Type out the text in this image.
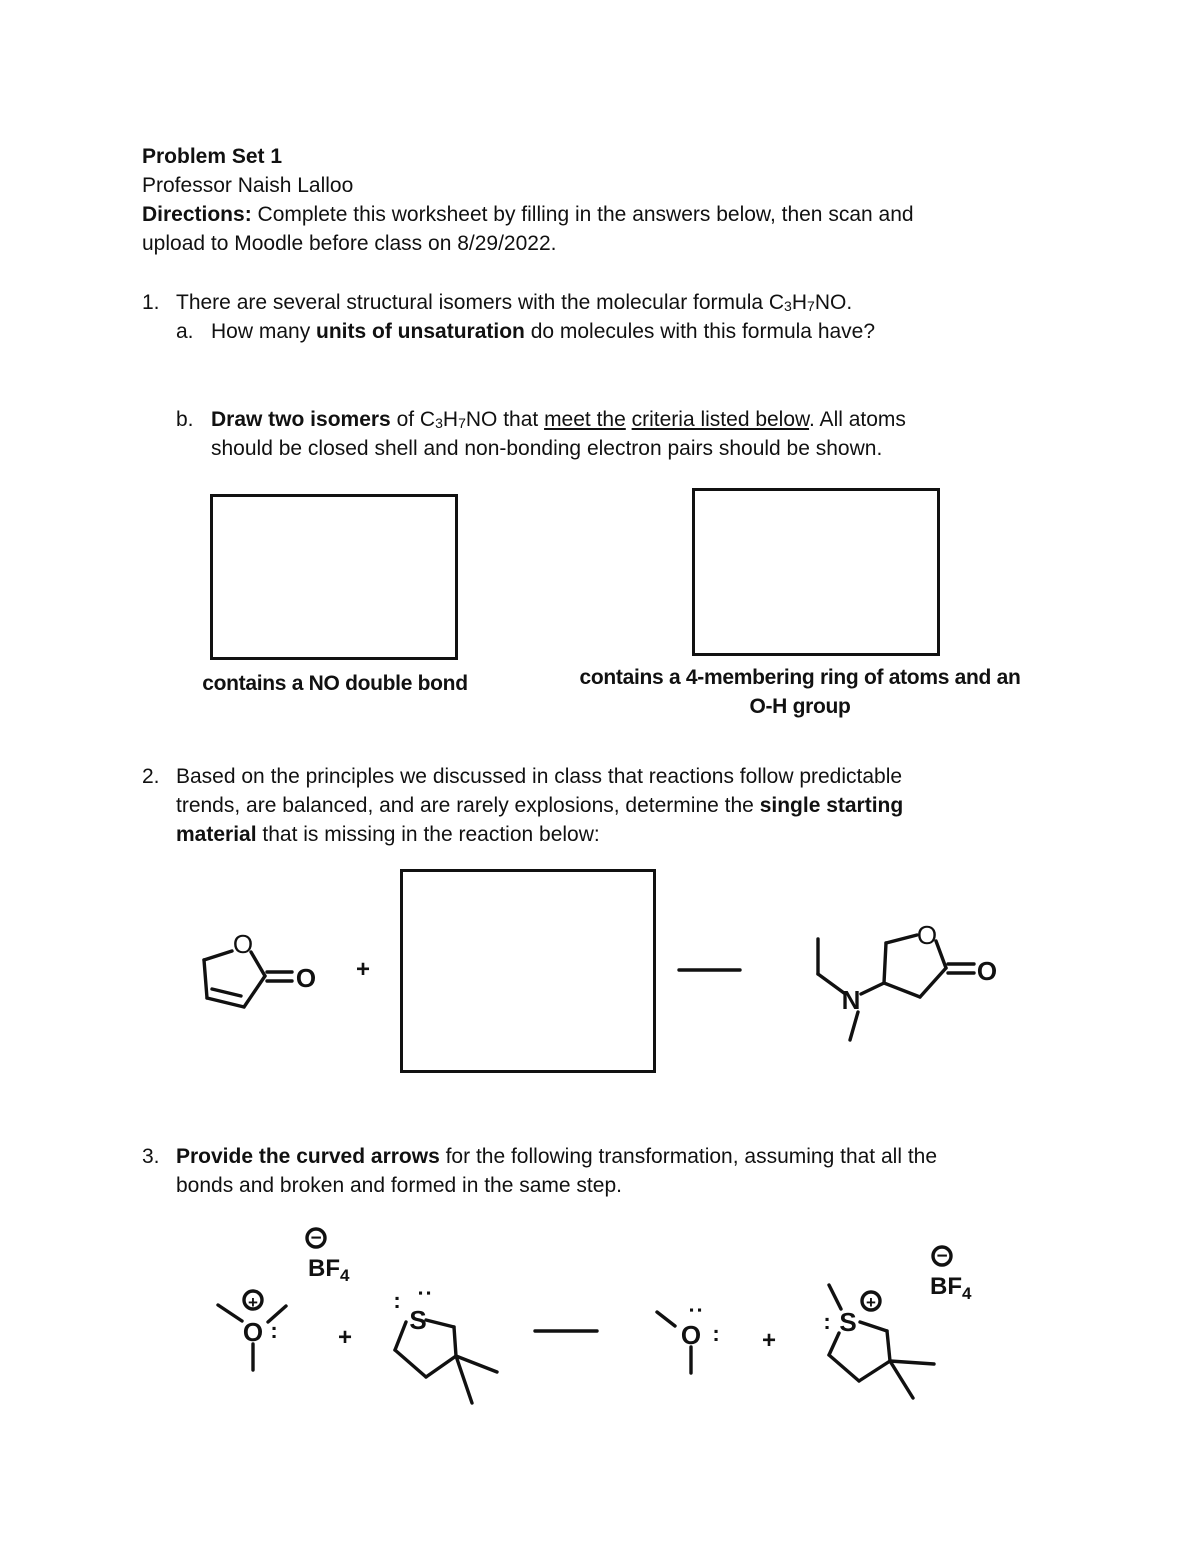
Problem Set 1
Professor Naish Lalloo
Directions: Complete this worksheet by filling in the answers below, then scan and
upload to Moodle before class on 8/29/2022.
1. There are several structural isomers with the molecular formula $C_3H_7NO$.
a. How many units of unsaturation do molecules with this formula have?
b. Draw two isomers of $C_3H_7NO$ that meet the criteria listed below. All atoms
should be closed shell and non-bonding electron pairs should be shown.
contains a NO double bond	contains a 4-membering ring of atoms and an
O-H group
2. Based on the principles we discussed in class that reactions follow predictable
trends, are balanced, and are rarely explosions, determine the single starting
material that is missing in the reaction below:
3. Provide the curved arrows for the following transformation, assuming that all the
bonds and broken and formed in the same step.
O
O +
N
O
O
O :
+
$BF_4$
−
+
S
: :
O
:
: +
S
:
+
$BF_4$
−
